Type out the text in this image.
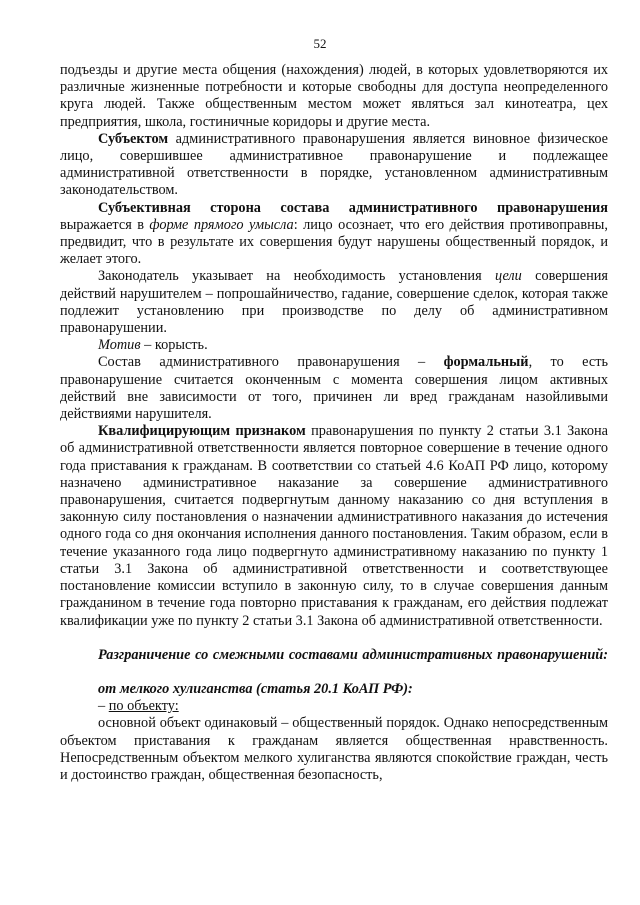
52

подъезды и другие места общения (нахождения) людей, в которых удовлетворяются их различные жизненные потребности и которые свободны для доступа неопределенного круга людей. Также общественным местом может являться зал кинотеатра, цех предприятия, школа, гостиничные коридоры и другие места.

Субъектом административного правонарушения является виновное физическое лицо, совершившее административное правонарушение и подлежащее административной ответственности в порядке, установленном административным законодательством.

Субъективная сторона состава административного правонарушения выражается в форме прямого умысла: лицо осознает, что его действия противоправны, предвидит, что в результате их совершения будут нарушены общественный порядок, и желает этого.

Законодатель указывает на необходимость установления цели совершения действий нарушителем – попрошайничество, гадание, совершение сделок, которая также подлежит установлению при производстве по делу об административном правонарушении.

Мотив – корысть.

Состав административного правонарушения – формальный, то есть правонарушение считается оконченным с момента совершения лицом активных действий вне зависимости от того, причинен ли вред гражданам назойливыми действиями нарушителя.

Квалифицирующим признаком правонарушения по пункту 2 статьи 3.1 Закона об административной ответственности является повторное совершение в течение одного года приставания к гражданам. В соответствии со статьей 4.6 КоАП РФ лицо, которому назначено административное наказание за совершение административного правонарушения, считается подвергнутым данному наказанию со дня вступления в законную силу постановления о назначении административного наказания до истечения одного года со дня окончания исполнения данного постановления. Таким образом, если в течение указанного года лицо подвергнуто административному наказанию по пункту 1 статьи 3.1 Закона об административной ответственности и соответствующее постановление комиссии вступило в законную силу, то в случае совершения данным гражданином в течение года повторно приставания к гражданам, его действия подлежат квалификации уже по пункту 2 статьи 3.1 Закона об административной ответственности.

Разграничение со смежными составами административных правонарушений:

от мелкого хулиганства (статья 20.1 КоАП РФ):

– по объекту:

основной объект одинаковый – общественный порядок. Однако непосредственным объектом приставания к гражданам является общественная нравственность. Непосредственным объектом мелкого хулиганства являются спокойствие граждан, честь и достоинство граждан, общественная безопасность,
